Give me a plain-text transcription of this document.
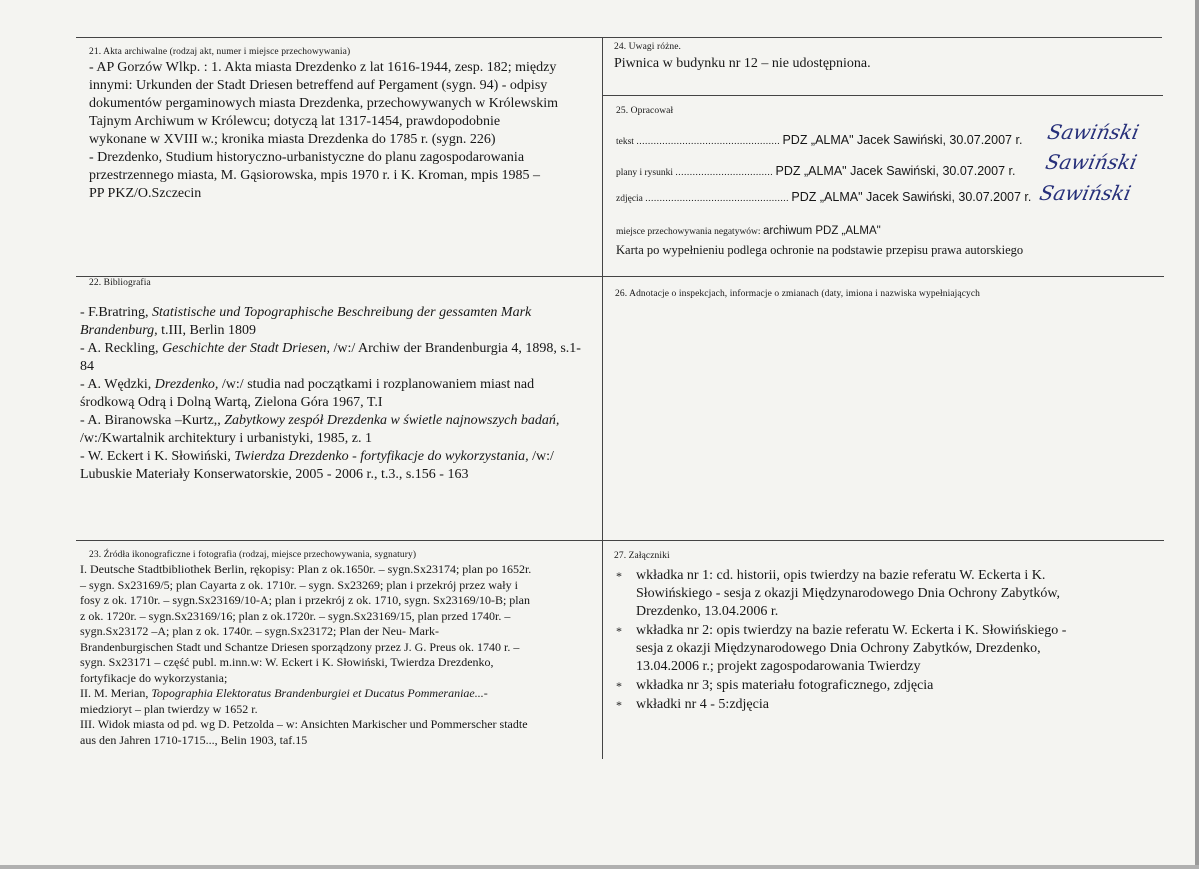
21. Akta archiwalne (rodzaj akt, numer i miejsce przechowywania)

- AP Gorzów Wlkp. : 1. Akta miasta Drezdenko z lat 1616-1944, zesp. 182; między

innymi: Urkunden der Stadt Driesen betreffend auf Pergament (sygn. 94) - odpisy

dokumentów pergaminowych miasta Drezdenka, przechowywanych w Królewskim

Tajnym Archiwum w Królewcu; dotyczą lat 1317-1454, prawdopodobnie

wykonane w XVIII w.; kronika miasta Drezdenka do 1785 r. (sygn. 226)

- Drezdenko, Studium historyczno-urbanistyczne do planu zagospodarowania

przestrzennego miasta, M. Gąsiorowska, mpis 1970 r. i K. Kroman, mpis 1985 –

PP PKZ/O.Szczecin

24. Uwagi różne.
Piwnica w budynku nr 12 – nie udostępniona.
25. Opracował
tekst .................................................. PDZ „ALMA" Jacek Sawiński, 30.07.2007 r. Sawiński
plany i rysunki .................................. PDZ „ALMA" Jacek Sawiński, 30.07.2007 r. Sawiński
zdjęcia .................................................. PDZ „ALMA" Jacek Sawiński, 30.07.2007 r. Sawiński
miejsce przechowywania negatywów: archiwum PDZ „ALMA"
Karta po wypełnieniu podlega ochronie na podstawie przepisu prawa autorskiego
22. Bibliografia

- F.Bratring, Statistische und Topographische Beschreibung der gessamten Mark Brandenburg, t.III, Berlin 1809

- A. Reckling, Geschichte der Stadt Driesen, /w:/ Archiw der Brandenburgia 4, 1898, s.1- 84

- A. Wędzki, Drezdenko, /w:/ studia nad początkami i rozplanowaniem miast nad środkową Odrą i Dolną Wartą, Zielona Góra 1967, T.I

- A. Biranowska –Kurtz,, Zabytkowy zespół Drezdenka w świetle najnowszych badań, /w:/Kwartalnik architektury i urbanistyki, 1985, z. 1

- W. Eckert i K. Słowiński, Twierdza Drezdenko - fortyfikacje do wykorzystania, /w:/ Lubuskie Materiały Konserwatorskie, 2005 - 2006 r., t.3., s.156 - 163

26. Adnotacje o inspekcjach, informacje o zmianach (daty, imiona i nazwiska wypełniających
23. Źródła ikonograficzne i fotografia (rodzaj, miejsce przechowywania, sygnatury)

I. Deutsche Stadtbibliothek Berlin, rękopisy: Plan z ok.1650r. – sygn.Sx23174; plan po 1652r.

– sygn. Sx23169/5; plan Cayarta z ok. 1710r. – sygn. Sx23269; plan i przekrój przez wały i

fosy z ok. 1710r. – sygn.Sx23169/10-A; plan i przekrój z ok. 1710, sygn. Sx23169/10-B; plan

z ok. 1720r. – sygn.Sx23169/16; plan z ok.1720r. – sygn.Sx23169/15, plan przed 1740r. –

sygn.Sx23172 –A; plan z ok. 1740r. – sygn.Sx23172; Plan der Neu- Mark-

Brandenburgischen Stadt und Schantze Driesen sporządzony przez J. G. Preus ok. 1740 r. –

sygn. Sx23171 – część publ. m.inn.w: W. Eckert i K. Słowiński, Twierdza Drezdenko,

fortyfikacje do wykorzystania;

II. M. Merian, Topographia Elektoratus Brandenburgiei et Ducatus Pommeraniae...-

miedzioryt – plan twierdzy w 1652 r.

III. Widok miasta od pd. wg D. Petzolda – w: Ansichten Markischer und Pommerscher stadte

aus den Jahren 1710-1715..., Belin 1903, taf.15

27. Załączniki
* wkładka nr 1: cd. historii, opis twierdzy na bazie referatu W. Eckerta i K.
Słowińskiego - sesja z okazji Międzynarodowego Dnia Ochrony Zabytków,
Drezdenko, 13.04.2006 r.
* wkładka nr 2: opis twierdzy na bazie referatu W. Eckerta i K. Słowińskiego -
sesja z okazji Międzynarodowego Dnia Ochrony Zabytków, Drezdenko,
13.04.2006 r.; projekt zagospodarowania Twierdzy
* wkładka nr 3; spis materiału fotograficznego, zdjęcia
* wkładki nr 4 - 5:zdjęcia
